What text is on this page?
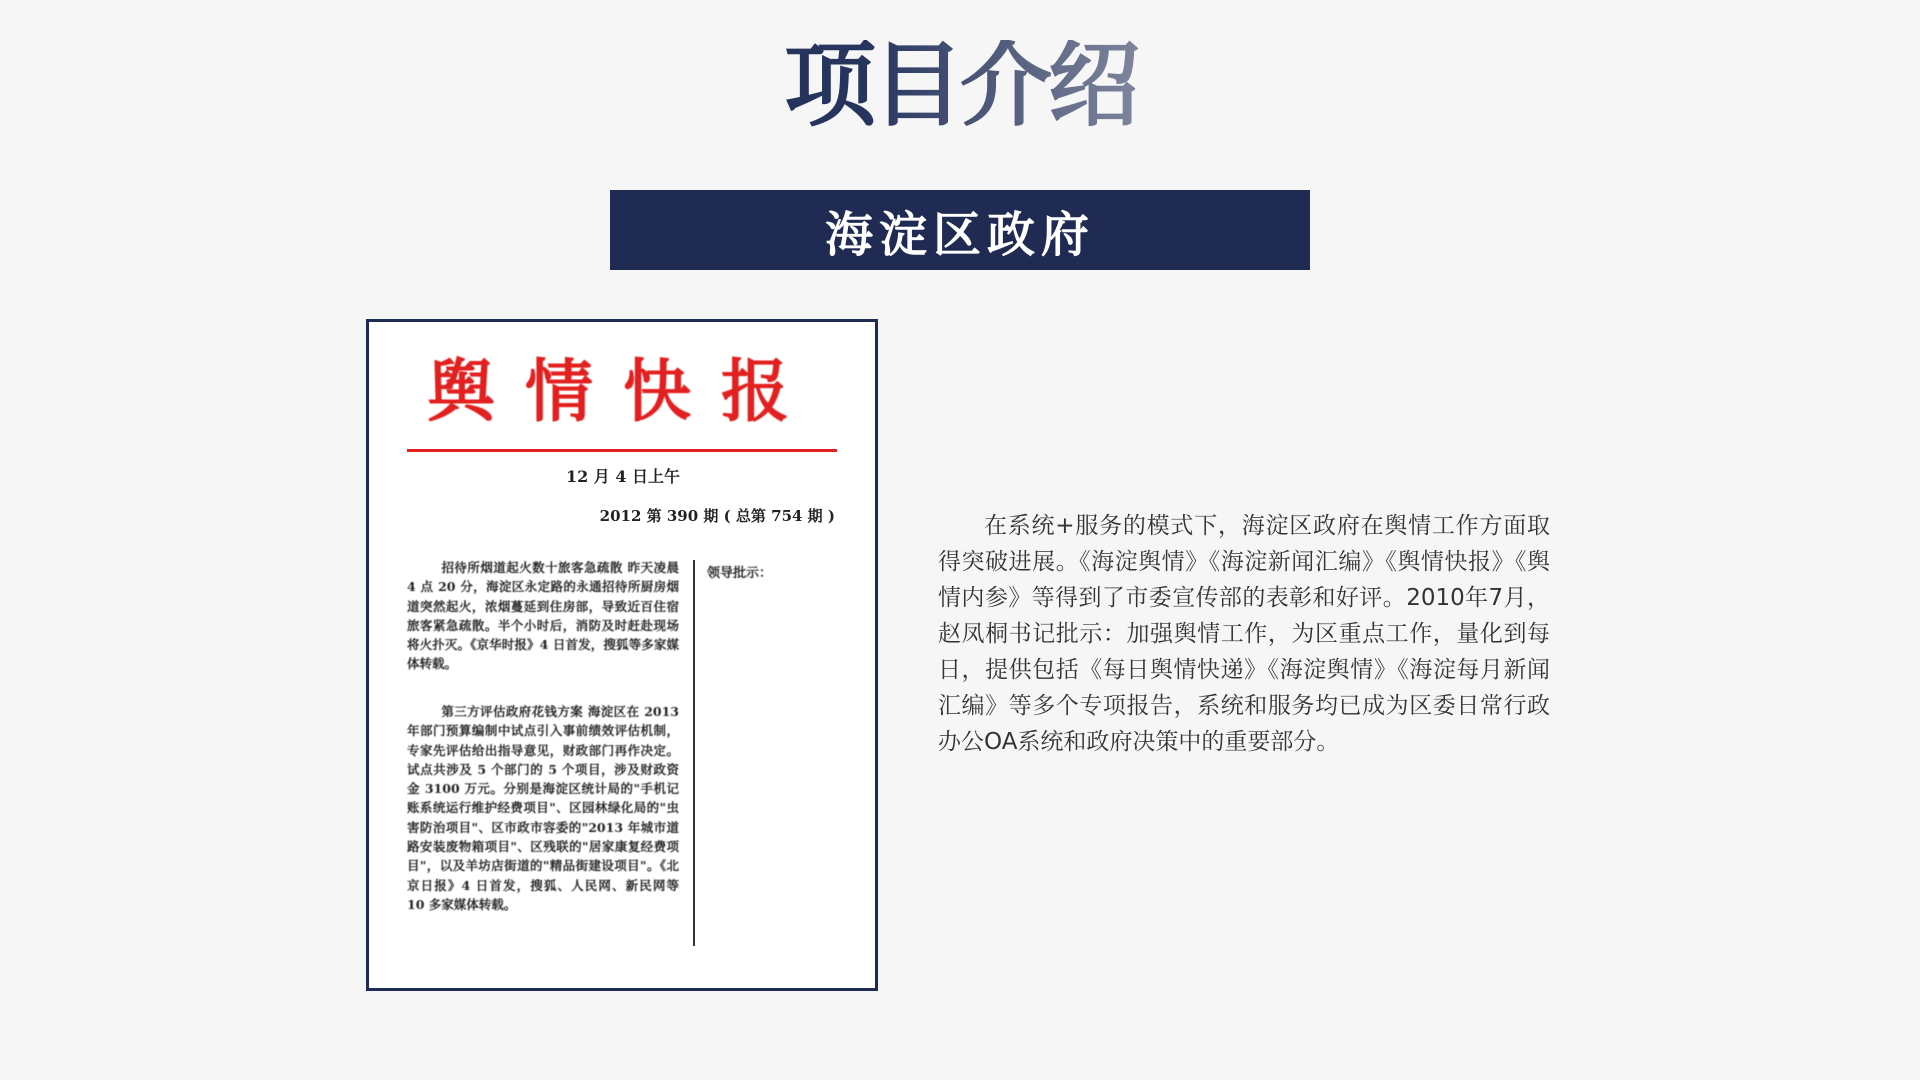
项目介绍
海淀区政府
舆情快报
12 月 4 日上午
2012 第 390 期 ( 总第 754 期 )
招待所烟道起火数十旅客急疏散 昨天凌晨 4 点 20 分，海淀区永定路的永通招待所厨房烟道突然起火，浓烟蔓延到住房部，导致近百住宿旅客紧急疏散。半个小时后，消防及时赶赴现场将火扑灭。《京华时报》4 日首发，搜狐等多家媒体转载。
第三方评估政府花钱方案 海淀区在 2013 年部门预算编制中试点引入事前绩效评估机制，专家先评估给出指导意见，财政部门再作决定。试点共涉及 5 个部门的 5 个项目，涉及财政资金 3100 万元。分别是海淀区统计局的"手机记账系统运行维护经费项目"、区园林绿化局的"虫害防治项目"、区市政市容委的"2013 年城市道路安装废物箱项目"、区残联的"居家康复经费项目"，以及羊坊店街道的"精品街建设项目"。《北京日报》4 日首发，搜狐、人民网、新民网等 10 多家媒体转载。
领导批示：

在系统+服务的模式下，海淀区政府在舆情工作方面取得突破进展。《海淀舆情》《海淀新闻汇编》《舆情快报》《舆情内参》等得到了市委宣传部的表彰和好评。2010年7月，赵凤桐书记批示：加强舆情工作，为区重点工作，量化到每日，提供包括《每日舆情快递》《海淀舆情》《海淀每月新闻汇编》等多个专项报告，系统和服务均已成为区委日常行政办公OA系统和政府决策中的重要部分。
